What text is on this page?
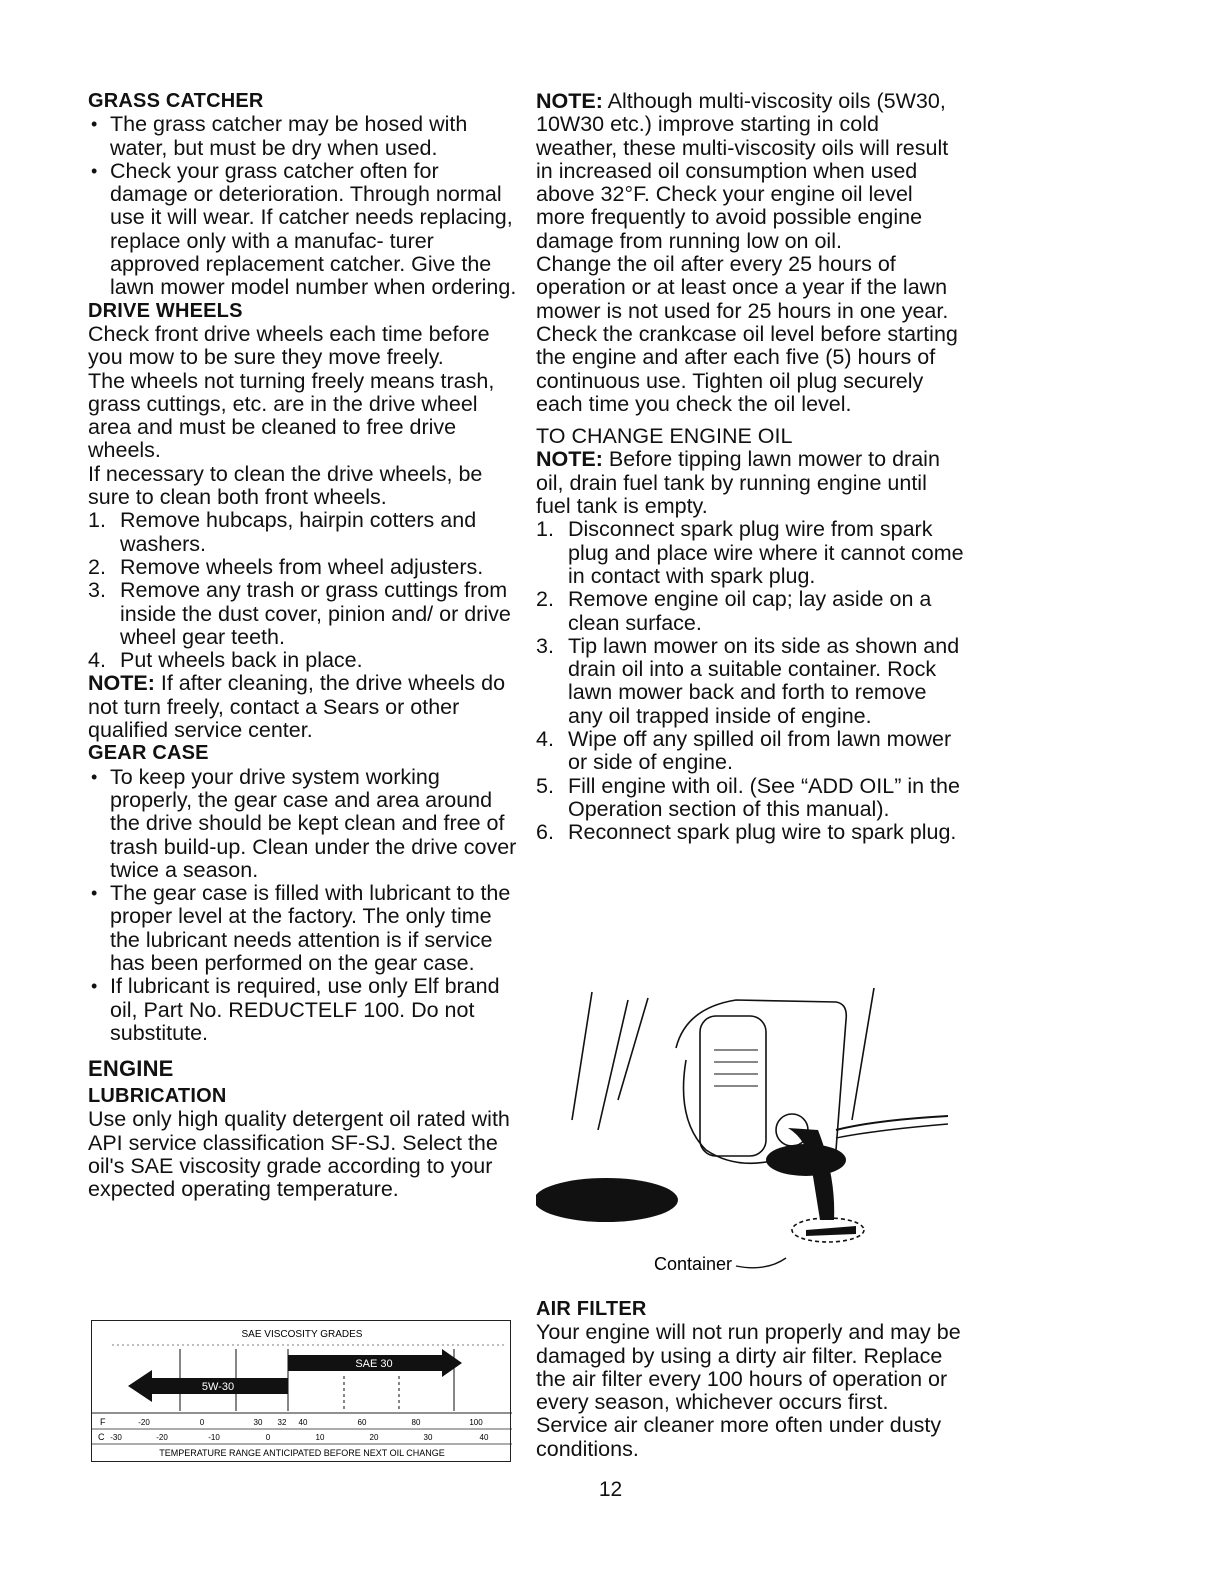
GRASS CATCHER
• The grass catcher may be hosed with water, but must be dry when used.
• Check your grass catcher often for damage or deterioration. Through normal use it will wear. If catcher needs replacing, replace only with a manufac- turer approved replacement catcher. Give the lawn mower model number when ordering.
DRIVE WHEELS

Check front drive wheels each time before you mow to be sure they move freely.

The wheels not turning freely means trash, grass cuttings, etc. are in the drive wheel area and must be cleaned to free drive wheels.

If necessary to clean the drive wheels, be sure to clean both front wheels.

1. Remove hubcaps, hairpin cotters and washers.
2. Remove wheels from wheel adjusters.
3. Remove any trash or grass cuttings from inside the dust cover, pinion and/ or drive wheel gear teeth.
4. Put wheels back in place.

NOTE: If after cleaning, the drive wheels do not turn freely, contact a Sears or other qualified service center.

GEAR CASE
• To keep your drive system working properly, the gear case and area around the drive should be kept clean and free of trash build-up. Clean under the drive cover twice a season.
• The gear case is filled with lubricant to the proper level at the factory. The only time the lubricant needs attention is if service has been performed on the gear case.
• If lubricant is required, use only Elf brand oil, Part No. REDUCTELF 100. Do not substitute.
ENGINE
LUBRICATION

Use only high quality detergent oil rated with API service classification SF-SJ. Select the oil's SAE viscosity grade according to your expected operating temperature.

SAE VISCOSITY GRADES
SAE 30
5W-30
F	-20	0	30 32 40	60	80	100
C -30	-20	-10	0	10	20	30	40
TEMPERATURE RANGE ANTICIPATED BEFORE NEXT OIL CHANGE

NOTE: Although multi-viscosity oils (5W30, 10W30 etc.) improve starting in cold weather, these multi-viscosity oils will result in increased oil consumption when used above 32°F. Check your engine oil level more frequently to avoid possible engine damage from running low on oil.

Change the oil after every 25 hours of operation or at least once a year if the lawn mower is not used for 25 hours in one year.

Check the crankcase oil level before starting the engine and after each five (5) hours of continuous use. Tighten oil plug securely each time you check the oil level.

TO CHANGE ENGINE OIL

NOTE: Before tipping lawn mower to drain oil, drain fuel tank by running engine until fuel tank is empty.

1. Disconnect spark plug wire from spark plug and place wire where it cannot come in contact with spark plug.
2. Remove engine oil cap; lay aside on a clean surface.
3. Tip lawn mower on its side as shown and drain oil into a suitable container. Rock lawn mower back and forth to remove any oil trapped inside of engine.
4. Wipe off any spilled oil from lawn mower or side of engine.
5. Fill engine with oil. (See “ADD OIL” in the Operation section of this manual).
6. Reconnect spark plug wire to spark plug.
Container
AIR FILTER

Your engine will not run properly and may be damaged by using a dirty air filter. Replace the air filter every 100 hours of operation or every season, whichever occurs first. Service air cleaner more often under dusty conditions.

12
